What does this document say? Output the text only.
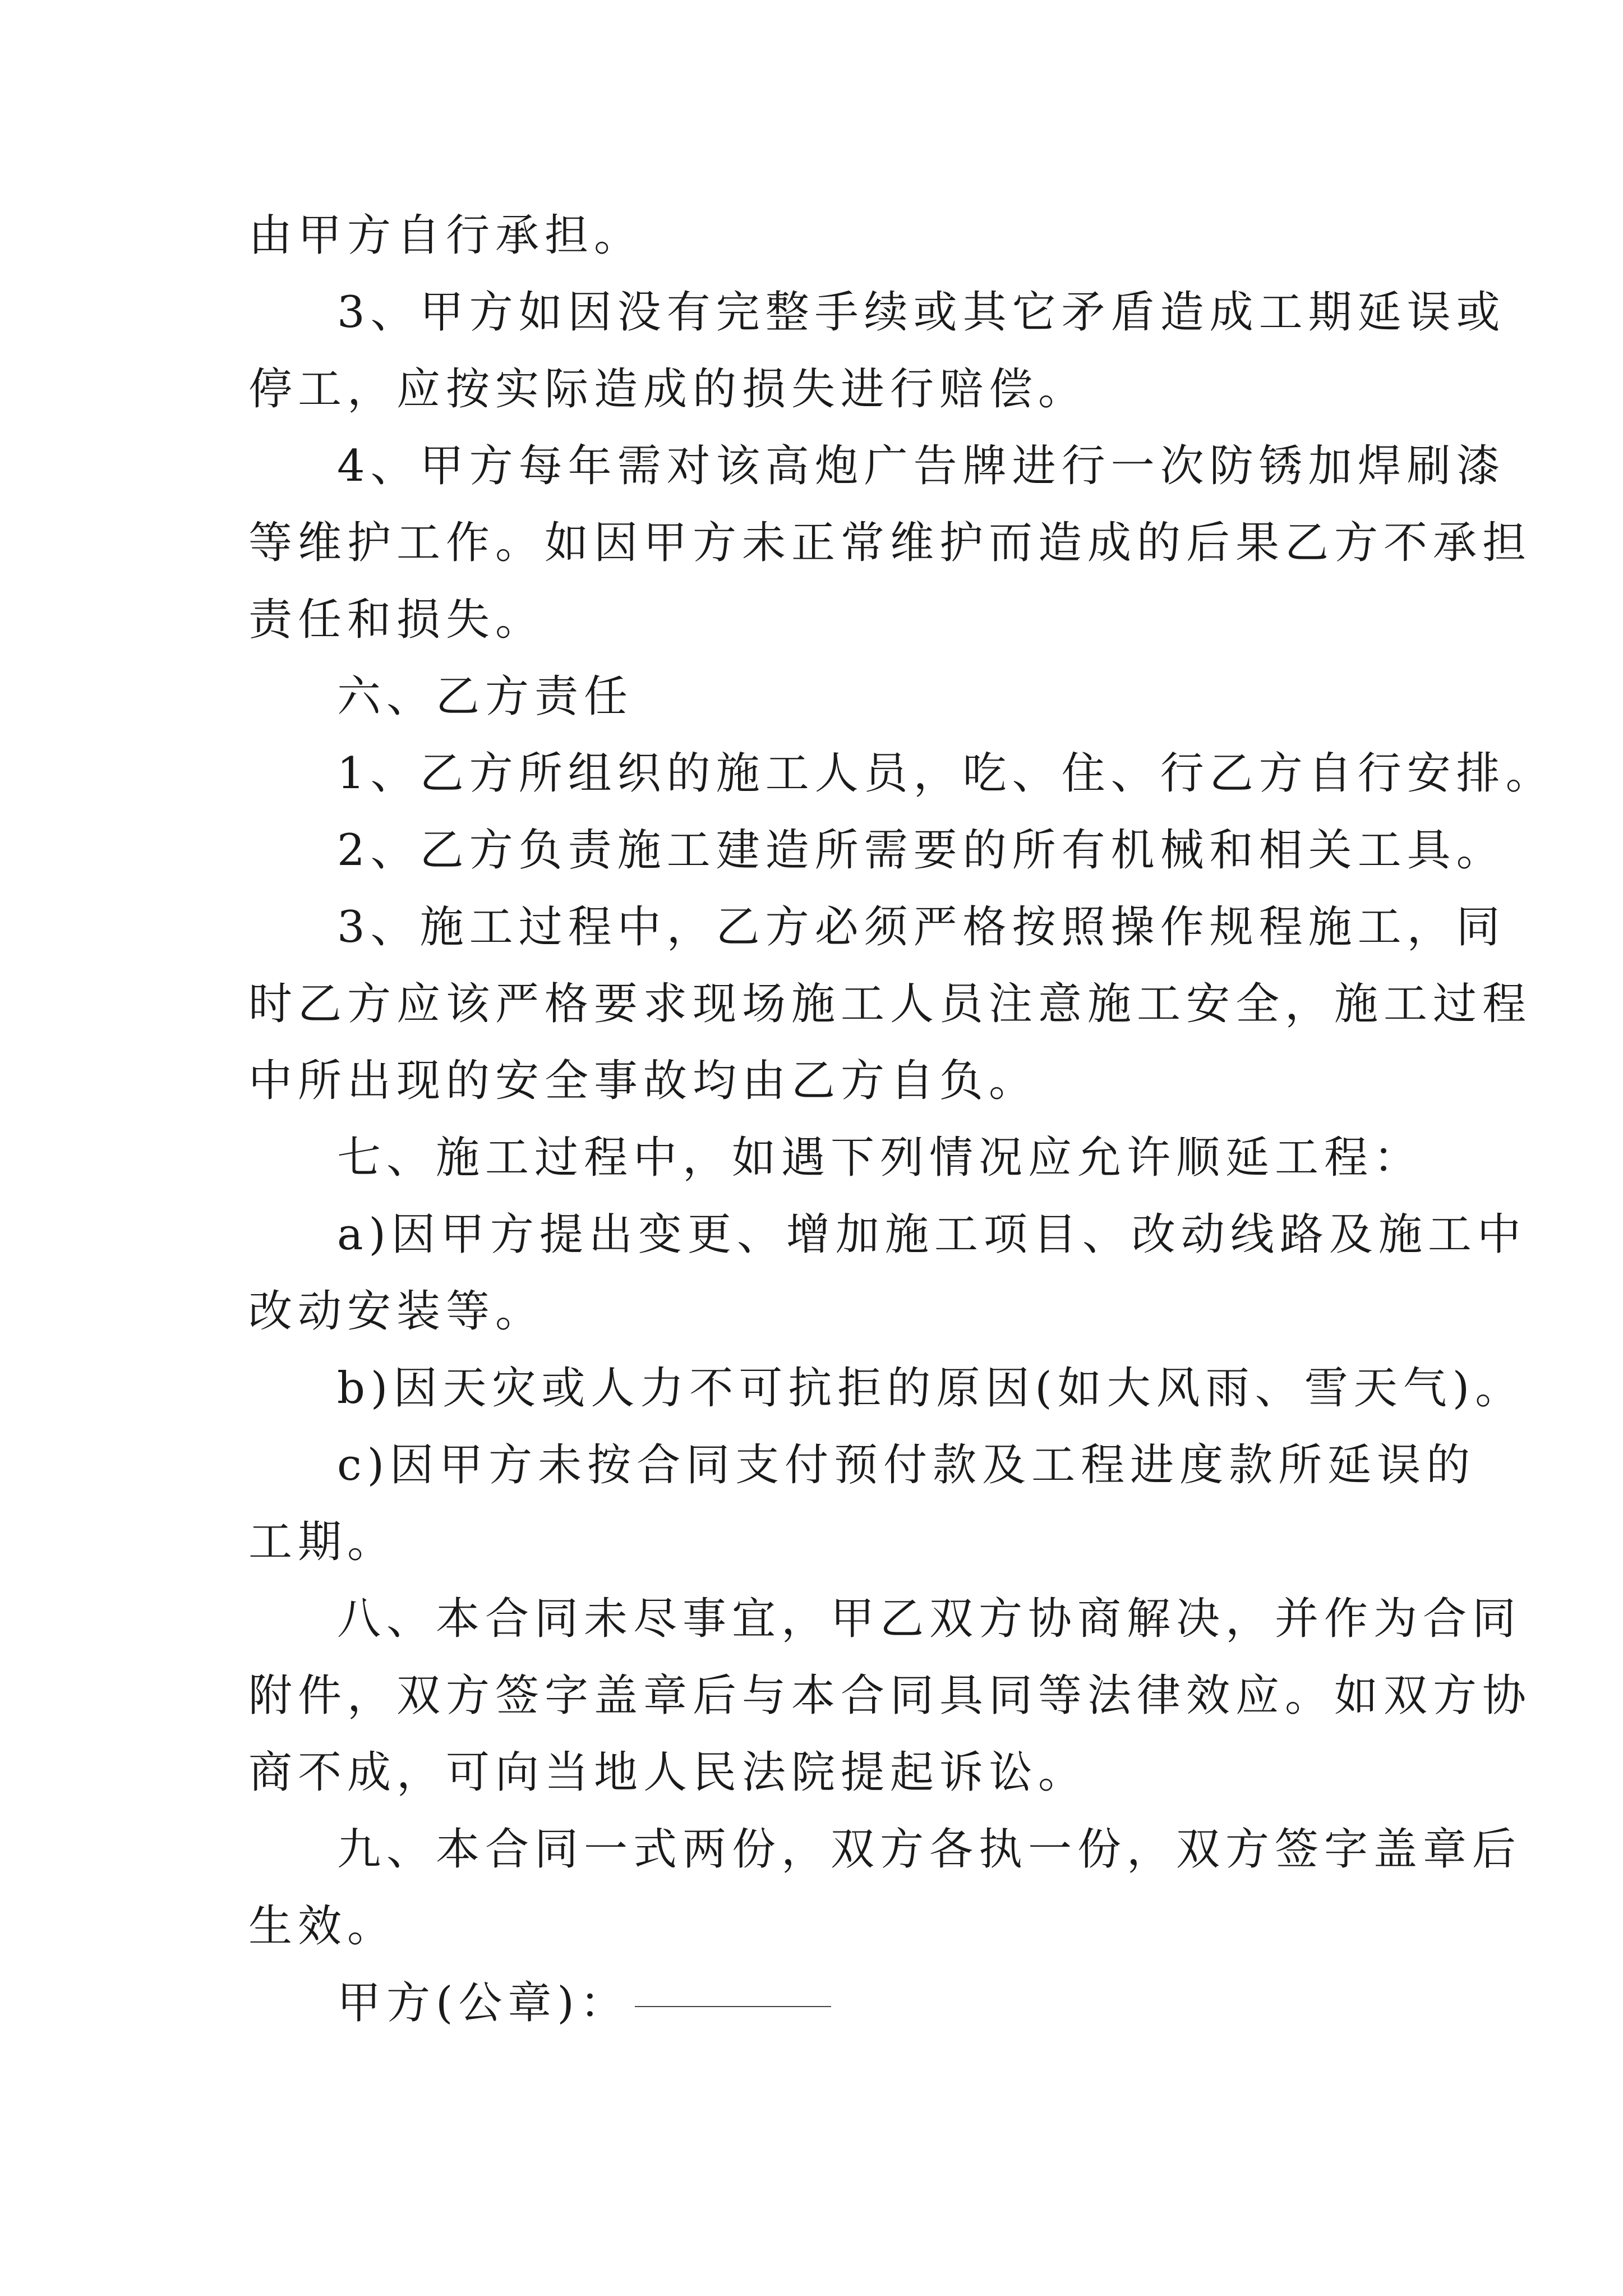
由甲方自行承担。
3、甲方如因没有完整手续或其它矛盾造成工期延误或
停工，应按实际造成的损失进行赔偿。
4、甲方每年需对该高炮广告牌进行一次防锈加焊刷漆
等维护工作。如因甲方未正常维护而造成的后果乙方不承担
责任和损失。
六、乙方责任
1、乙方所组织的施工人员，吃、住、行乙方自行安排。
2、乙方负责施工建造所需要的所有机械和相关工具。
3、施工过程中，乙方必须严格按照操作规程施工，同
时乙方应该严格要求现场施工人员注意施工安全，施工过程
中所出现的安全事故均由乙方自负。
七、施工过程中，如遇下列情况应允许顺延工程：
a)因甲方提出变更、增加施工项目、改动线路及施工中
改动安装等。
b)因天灾或人力不可抗拒的原因(如大风雨、雪天气)。
c)因甲方未按合同支付预付款及工程进度款所延误的
工期。
八、本合同未尽事宜，甲乙双方协商解决，并作为合同
附件，双方签字盖章后与本合同具同等法律效应。如双方协
商不成，可向当地人民法院提起诉讼。
九、本合同一式两份，双方各执一份，双方签字盖章后
生效。
甲方(公章)：
